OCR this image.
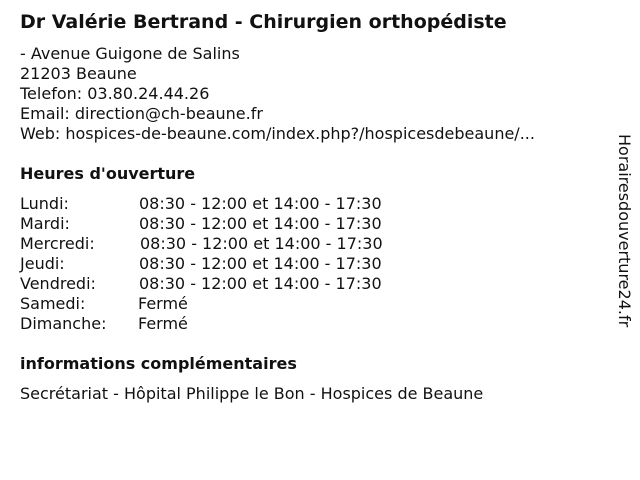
Dr Valérie Bertrand - Chirurgien orthopédiste
- Avenue Guigone de Salins
21203 Beaune
Telefon: 03.80.24.44.26
Email: direction@ch-beaune.fr
Web: hospices-de-beaune.com/index.php?/hospicesdebeaune/...
Heures d'ouverture
Lundi:	08:30 - 12:00 et 14:00 - 17:30
Mardi:	08:30 - 12:00 et 14:00 - 17:30
Mercredi:	08:30 - 12:00 et 14:00 - 17:30
Jeudi:	08:30 - 12:00 et 14:00 - 17:30
Vendredi:	08:30 - 12:00 et 14:00 - 17:30
Samedi:	Fermé
Dimanche: Fermé
informations complémentaires
Secrétariat - Hôpital Philippe le Bon - Hospices de Beaune
Horairesdouverture24.fr
